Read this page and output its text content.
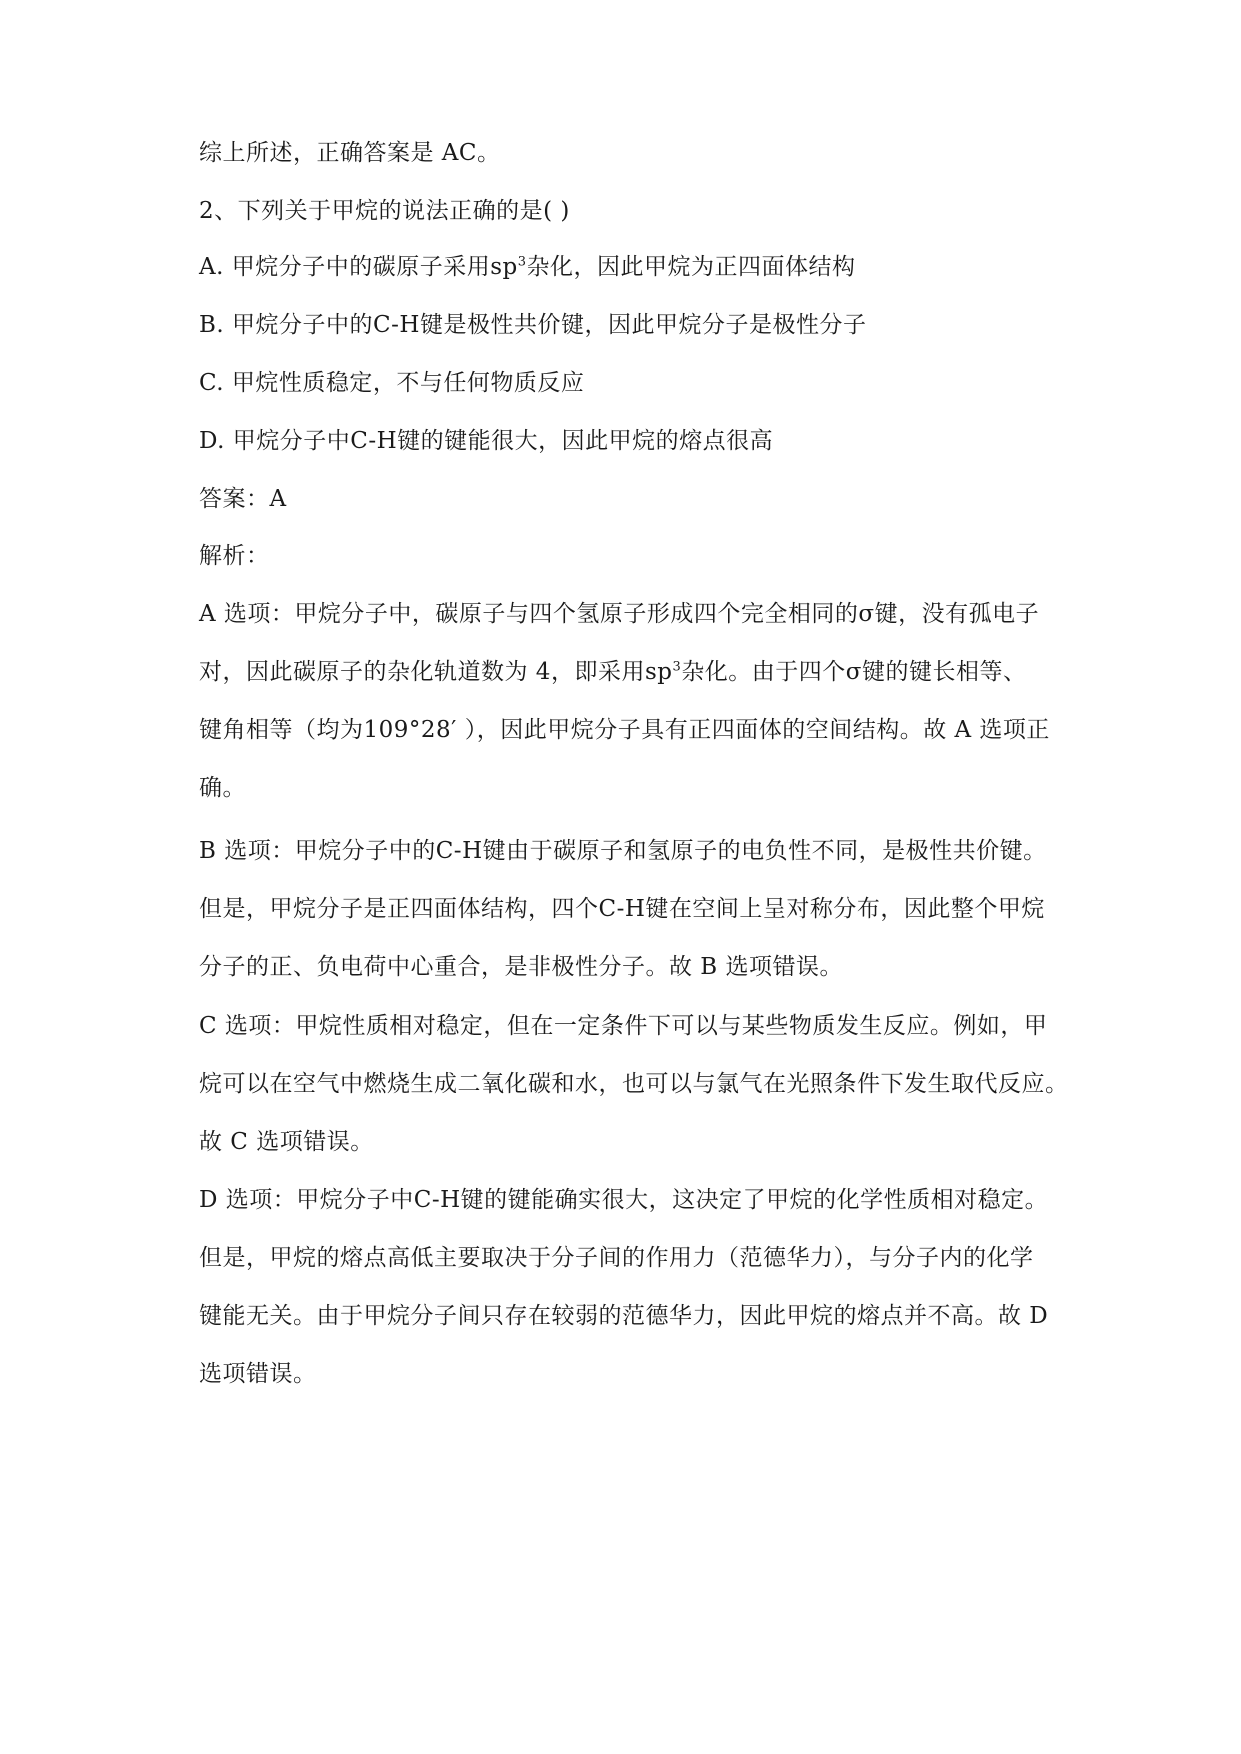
综上所述，正确答案是 AC。
2、下列关于甲烷的说法正确的是( )
A. 甲烷分子中的碳原子采用$sp^3$杂化，因此甲烷为正四面体结构
B. 甲烷分子中的C-H键是极性共价键，因此甲烷分子是极性分子
C. 甲烷性质稳定，不与任何物质反应
D. 甲烷分子中C-H键的键能很大，因此甲烷的熔点很高
答案：A
解析：
A 选项：甲烷分子中，碳原子与四个氢原子形成四个完全相同的σ键，没有孤电子
对，因此碳原子的杂化轨道数为 4，即采用$sp^3$杂化。由于四个σ键的键长相等、
键角相等（均为109°28′ ），因此甲烷分子具有正四面体的空间结构。故 A 选项正
确。
B 选项：甲烷分子中的C-H键由于碳原子和氢原子的电负性不同，是极性共价键。
但是，甲烷分子是正四面体结构，四个C-H键在空间上呈对称分布，因此整个甲烷
分子的正、负电荷中心重合，是非极性分子。故 B 选项错误。
C 选项：甲烷性质相对稳定，但在一定条件下可以与某些物质发生反应。例如，甲
烷可以在空气中燃烧生成二氧化碳和水，也可以与氯气在光照条件下发生取代反应。
故 C 选项错误。
D 选项：甲烷分子中C-H键的键能确实很大，这决定了甲烷的化学性质相对稳定。
但是，甲烷的熔点高低主要取决于分子间的作用力（范德华力），与分子内的化学
键能无关。由于甲烷分子间只存在较弱的范德华力，因此甲烷的熔点并不高。故 D
选项错误。
